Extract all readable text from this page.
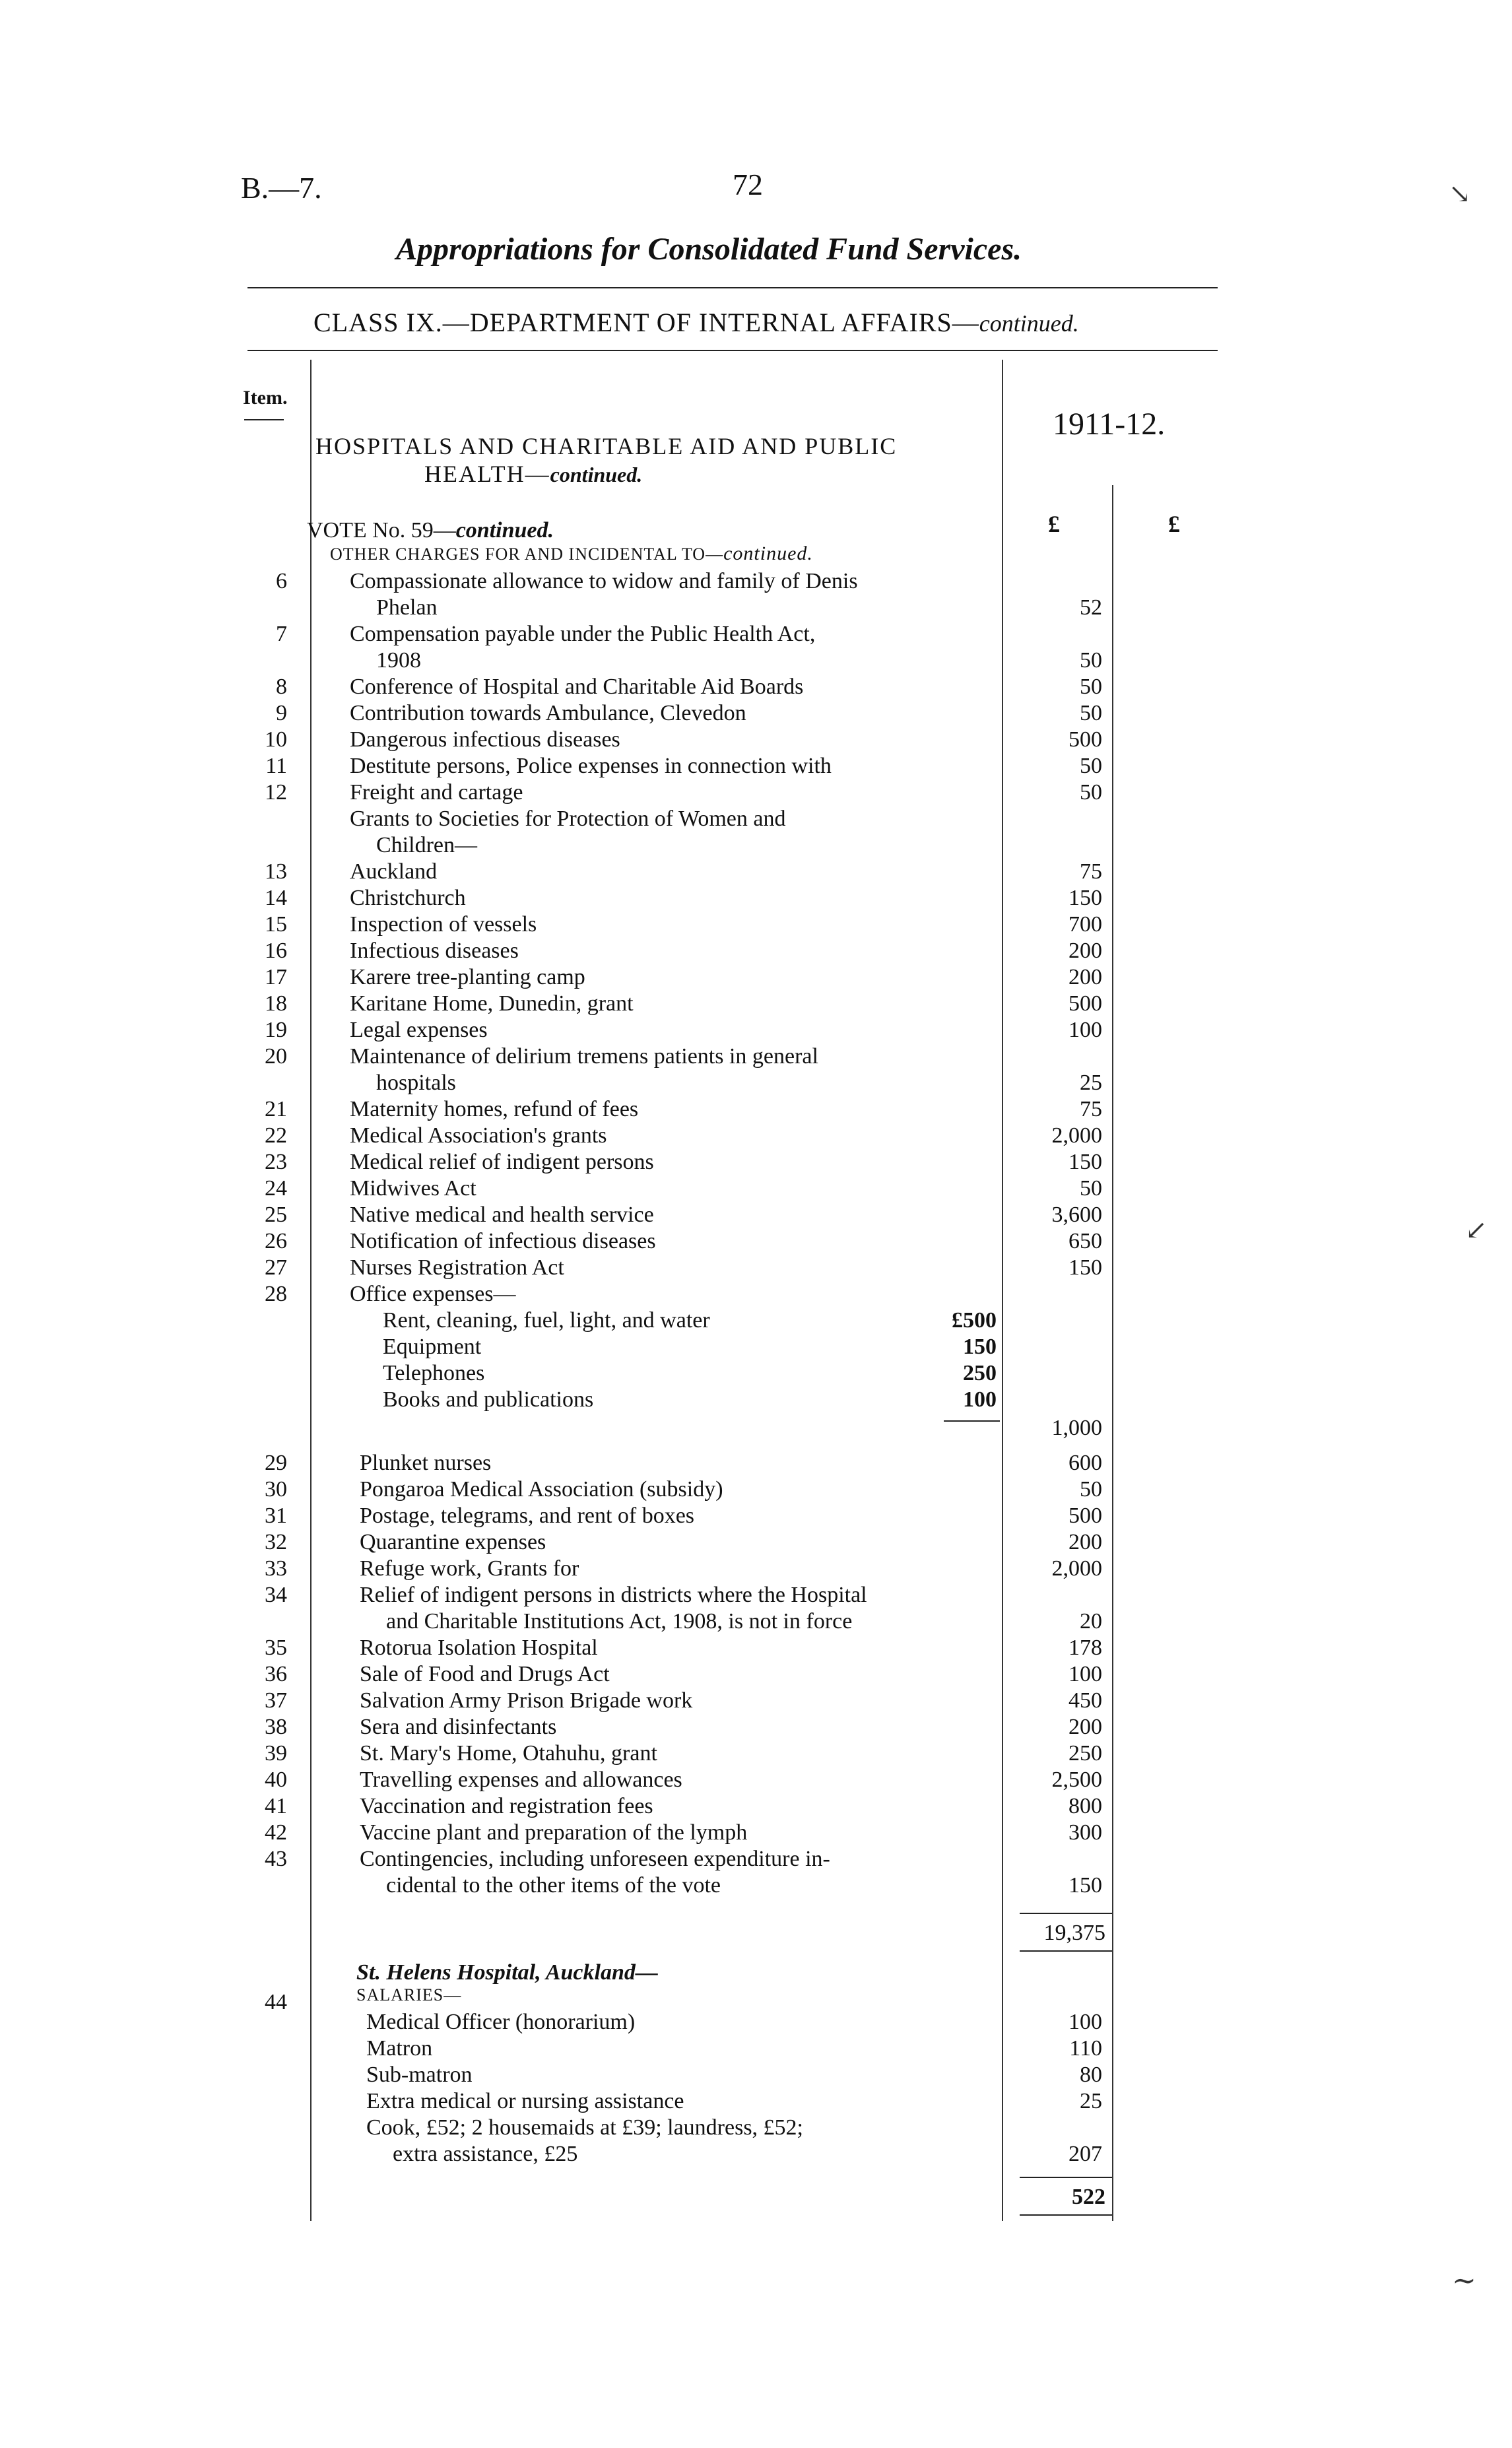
B.—7.	72
Appropriations for Consolidated Fund Services.
CLASS IX.—DEPARTMENT OF INTERNAL AFFAIRS—continued.
Item.
1911-12.
HOSPITALS AND CHARITABLE AID AND PUBLIC
HEALTH—continued.
£	£
VOTE No. 59—continued.
OTHER CHARGES FOR AND INCIDENTAL TO—continued.
6	Compassionate allowance to widow and family of Denis
Phelan	52
7	Compensation payable under the Public Health Act,
1908	50
8	Conference of Hospital and Charitable Aid Boards	50
9	Contribution towards Ambulance, Clevedon	50
10	Dangerous infectious diseases	500
11	Destitute persons, Police expenses in connection with	50
12	Freight and cartage	50
Grants to Societies for Protection of Women and
Children—
13	Auckland	75
14	Christchurch	150
15	Inspection of vessels	700
16	Infectious diseases	200
17	Karere tree-planting camp	200
18	Karitane Home, Dunedin, grant	500
19	Legal expenses	100
20	Maintenance of delirium tremens patients in general
hospitals	25
21	Maternity homes, refund of fees	75
22	Medical Association's grants	2,000
23	Medical relief of indigent persons	150
24	Midwives Act	50
25	Native medical and health service	3,600
26	Notification of infectious diseases	650
27	Nurses Registration Act	150
28	Office expenses—
Rent, cleaning, fuel, light, and water	£500
Equipment	150
Telephones	250
Books and publications	100
1,000
29	Plunket nurses	600
30	Pongaroa Medical Association (subsidy)	50
31	Postage, telegrams, and rent of boxes	500
32	Quarantine expenses	200
33	Refuge work, Grants for	2,000
34	Relief of indigent persons in districts where the Hospital
and Charitable Institutions Act, 1908, is not in force	20
35	Rotorua Isolation Hospital	178
36	Sale of Food and Drugs Act	100
37	Salvation Army Prison Brigade work	450
38	Sera and disinfectants	200
39	St. Mary's Home, Otahuhu, grant	250
40	Travelling expenses and allowances	2,500
41	Vaccination and registration fees	800
42	Vaccine plant and preparation of the lymph	300
43	Contingencies, including unforeseen expenditure in-
cidental to the other items of the vote	150
19,375
St. Helens Hospital, Auckland—
44	SALARIES—
Medical Officer (honorarium)	100
Matron	110
Sub-matron	80
Extra medical or nursing assistance	25
Cook, £52; 2 housemaids at £39; laundress, £52;
extra assistance, £25	207
522
↘
↙
∼
